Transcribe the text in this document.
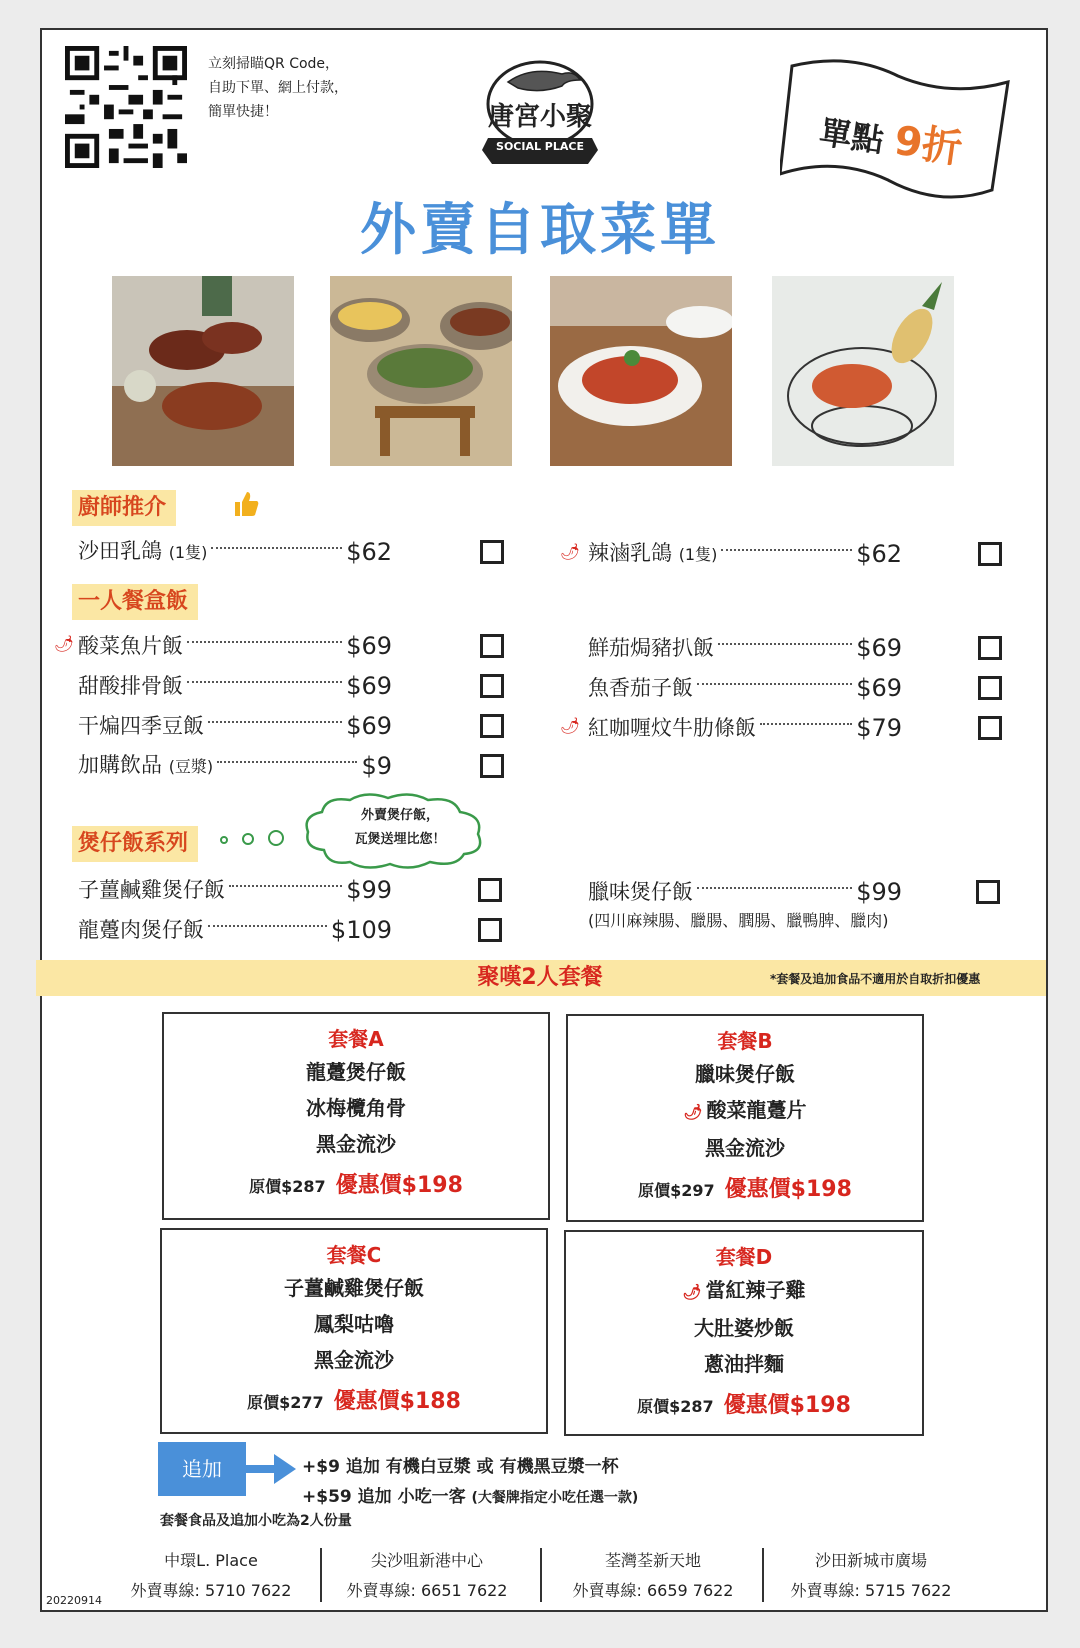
立刻掃瞄QR Code，
自助下單、網上付款，
簡單快捷！	唐宮小聚
SOCIAL PLACE	單點 9折
外賣自取菜單
廚師推介
沙田乳鴿 (1隻)	$62	🌶 辣滷乳鴿 (1隻)	$62
一人餐盒飯
🌶 酸菜魚片飯	$69
甜酸排骨飯	$69
干煸四季豆飯	$69
加購飲品 (豆漿)	$9
鮮茄焗豬扒飯	$69
魚香茄子飯	$69
🌶 紅咖喱炆牛肋條飯	$79
煲仔飯系列
外賣煲仔飯，
瓦煲送埋比您！
子薑鹹雞煲仔飯	$99
龍躉肉煲仔飯	$109
臘味煲仔飯	$99
(四川麻辣腸、臘腸、膶腸、臘鴨脾、臘肉)
聚嘆2人套餐	*套餐及追加食品不適用於自取折扣優惠
套餐A
龍躉煲仔飯
冰梅欖角骨
黑金流沙
原價$287 優惠價$198
套餐B
臘味煲仔飯
🌶 酸菜龍躉片
黑金流沙
原價$297 優惠價$198
套餐C
子薑鹹雞煲仔飯
鳳梨咕嚕
黑金流沙
原價$277 優惠價$188
套餐D
🌶 當紅辣子雞
大肚婆炒飯
蔥油拌麵
原價$287 優惠價$198
追加	+$9 追加 有機白豆漿 或 有機黑豆漿一杯
+$59 追加 小吃一客 (大餐牌指定小吃任選一款)
套餐食品及追加小吃為2人份量
中環L. Place
外賣專線: 5710 7622
尖沙咀新港中心
外賣專線: 6651 7622
荃灣荃新天地
外賣專線: 6659 7622
沙田新城市廣場
外賣專線: 5715 7622
20220914
